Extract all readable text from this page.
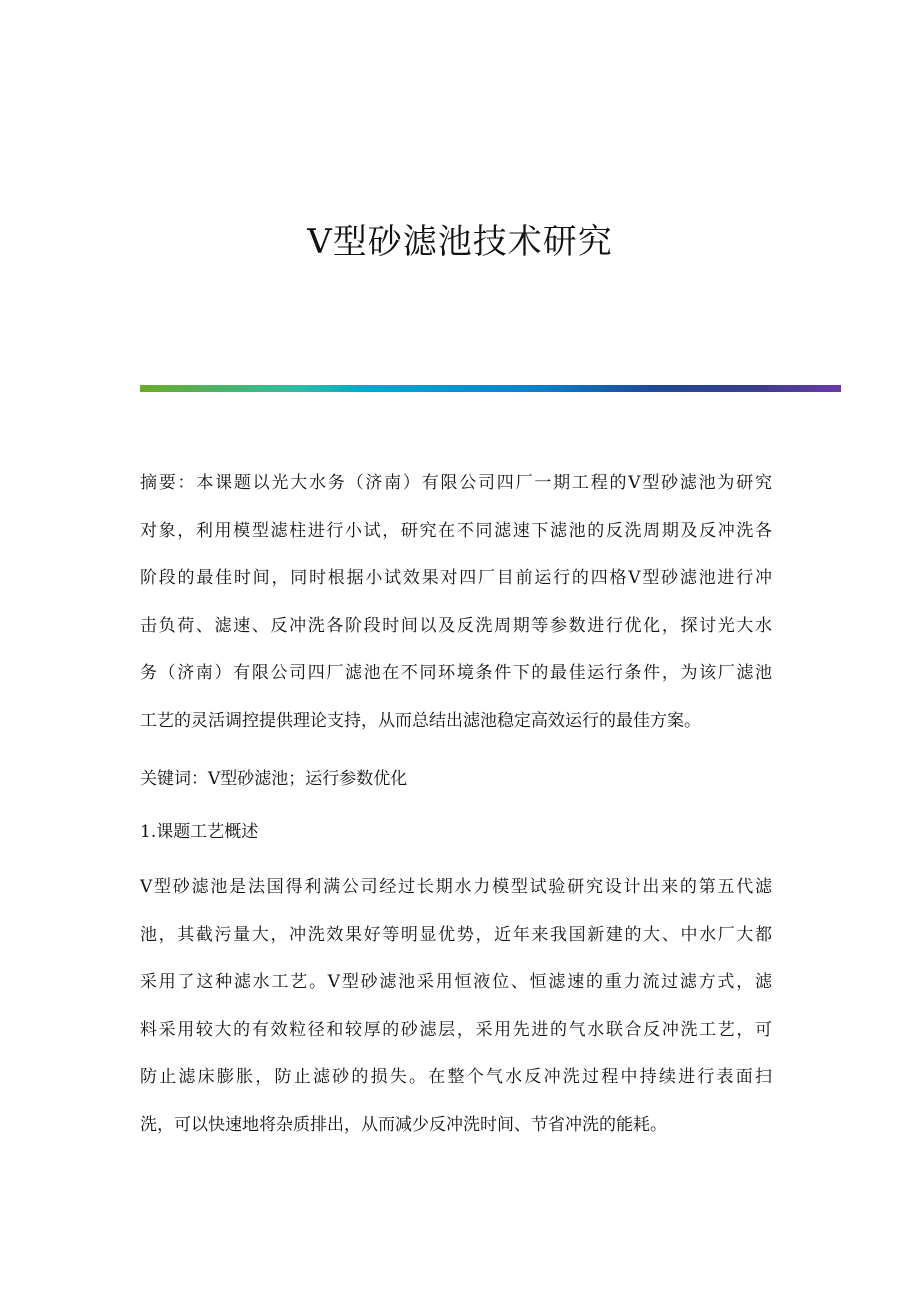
V型砂滤池技术研究
摘要：本课题以光大水务（济南）有限公司四厂一期工程的V型砂滤池为研究
对象，利用模型滤柱进行小试，研究在不同滤速下滤池的反洗周期及反冲洗各
阶段的最佳时间，同时根据小试效果对四厂目前运行的四格V型砂滤池进行冲
击负荷、滤速、反冲洗各阶段时间以及反洗周期等参数进行优化，探讨光大水
务（济南）有限公司四厂滤池在不同环境条件下的最佳运行条件，为该厂滤池
工艺的灵活调控提供理论支持，从而总结出滤池稳定高效运行的最佳方案。
关键词：V型砂滤池；运行参数优化
1.课题工艺概述
V型砂滤池是法国得利满公司经过长期水力模型试验研究设计出来的第五代滤
池，其截污量大，冲洗效果好等明显优势，近年来我国新建的大、中水厂大都
采用了这种滤水工艺。V型砂滤池采用恒液位、恒滤速的重力流过滤方式，滤
料采用较大的有效粒径和较厚的砂滤层，采用先进的气水联合反冲洗工艺，可
防止滤床膨胀，防止滤砂的损失。在整个气水反冲洗过程中持续进行表面扫
洗，可以快速地将杂质排出，从而减少反冲洗时间、节省冲洗的能耗。
